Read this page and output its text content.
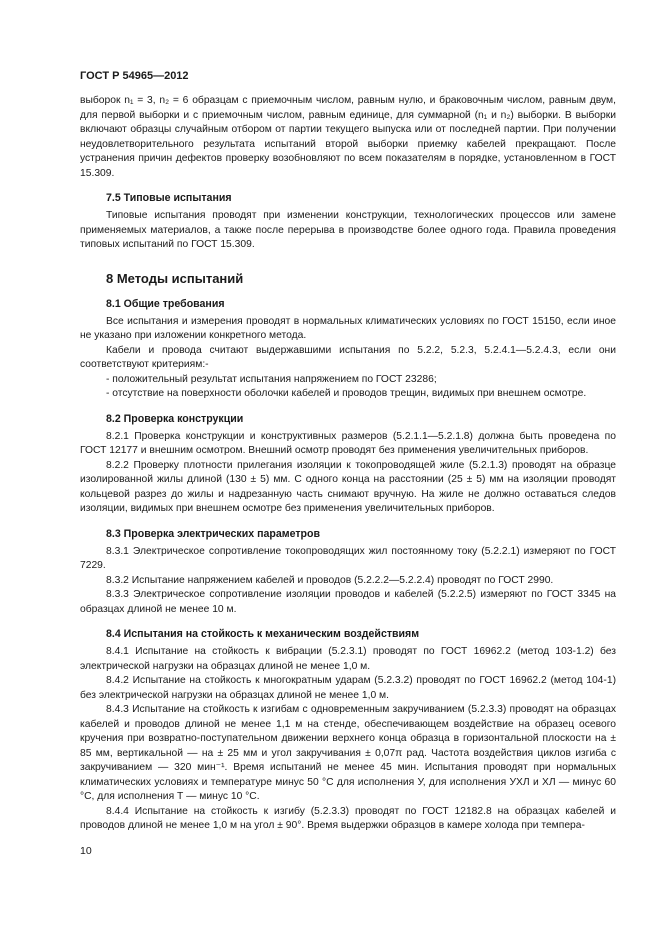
ГОСТ Р 54965—2012

выборок n₁ = 3, n₂ = 6 образцам с приемочным числом, равным нулю, и браковочным числом, равным двум, для первой выборки и с приемочным числом, равным единице, для суммарной (n₁ и n₂) выборки. В выборки включают образцы случайным отбором от партии текущего выпуска или от последней партии. При получении неудовлетворительного результата испытаний второй выборки приемку кабелей прекращают. После устранения причин дефектов проверку возобновляют по всем показателям в порядке, установленном в ГОСТ 15.309.

7.5 Типовые испытания

Типовые испытания проводят при изменении конструкции, технологических процессов или замене применяемых материалов, а также после перерыва в производстве более одного года. Правила проведения типовых испытаний по ГОСТ 15.309.

8 Методы испытаний
8.1 Общие требования

Все испытания и измерения проводят в нормальных климатических условиях по ГОСТ 15150, если иное не указано при изложении конкретного метода.

Кабели и провода считают выдержавшими испытания по 5.2.2, 5.2.3, 5.2.4.1—5.2.4.3, если они соответствуют критериям:-

- положительный результат испытания напряжением по ГОСТ 23286;
- отсутствие на поверхности оболочки кабелей и проводов трещин, видимых при внешнем осмотре.
8.2 Проверка конструкции

8.2.1 Проверка конструкции и конструктивных размеров (5.2.1.1—5.2.1.8) должна быть проведена по ГОСТ 12177 и внешним осмотром. Внешний осмотр проводят без применения увеличительных приборов.

8.2.2 Проверку плотности прилегания изоляции к токопроводящей жиле (5.2.1.3) проводят на образце изолированной жилы длиной (130 ± 5) мм. С одного конца на расстоянии (25 ± 5) мм на изоляции проводят кольцевой разрез до жилы и надрезанную часть снимают вручную. На жиле не должно оставаться следов изоляции, видимых при внешнем осмотре без применения увеличительных приборов.

8.3 Проверка электрических параметров

8.3.1 Электрическое сопротивление токопроводящих жил постоянному току (5.2.2.1) измеряют по ГОСТ 7229.

8.3.2 Испытание напряжением кабелей и проводов (5.2.2.2—5.2.2.4) проводят по ГОСТ 2990.

8.3.3 Электрическое сопротивление изоляции проводов и кабелей (5.2.2.5) измеряют по ГОСТ 3345 на образцах длиной не менее 10 м.

8.4 Испытания на стойкость к механическим воздействиям

8.4.1 Испытание на стойкость к вибрации (5.2.3.1) проводят по ГОСТ 16962.2 (метод 103-1.2) без электрической нагрузки на образцах длиной не менее 1,0 м.

8.4.2 Испытание на стойкость к многократным ударам (5.2.3.2) проводят по ГОСТ 16962.2 (метод 104-1) без электрической нагрузки на образцах длиной не менее 1,0 м.

8.4.3 Испытание на стойкость к изгибам с одновременным закручиванием (5.2.3.3) проводят на образцах кабелей и проводов длиной не менее 1,1 м на стенде, обеспечивающем воздействие на образец осевого кручения при возвратно-поступательном движении верхнего конца образца в горизонтальной плоскости на ± 85 мм, вертикальной — на ± 25 мм и угол закручивания ± 0,07π рад. Частота воздействия циклов изгиба с закручиванием — 320 мин⁻¹. Время испытаний не менее 45 мин. Испытания проводят при нормальных климатических условиях и температуре минус 50 °С для исполнения У, для исполнения УХЛ и ХЛ — минус 60 °С, для исполнения Т — минус 10 °С.

8.4.4 Испытание на стойкость к изгибу (5.2.3.3) проводят по ГОСТ 12182.8 на образцах кабелей и проводов длиной не менее 1,0 м на угол ± 90°. Время выдержки образцов в камере холода при темпера-

10
